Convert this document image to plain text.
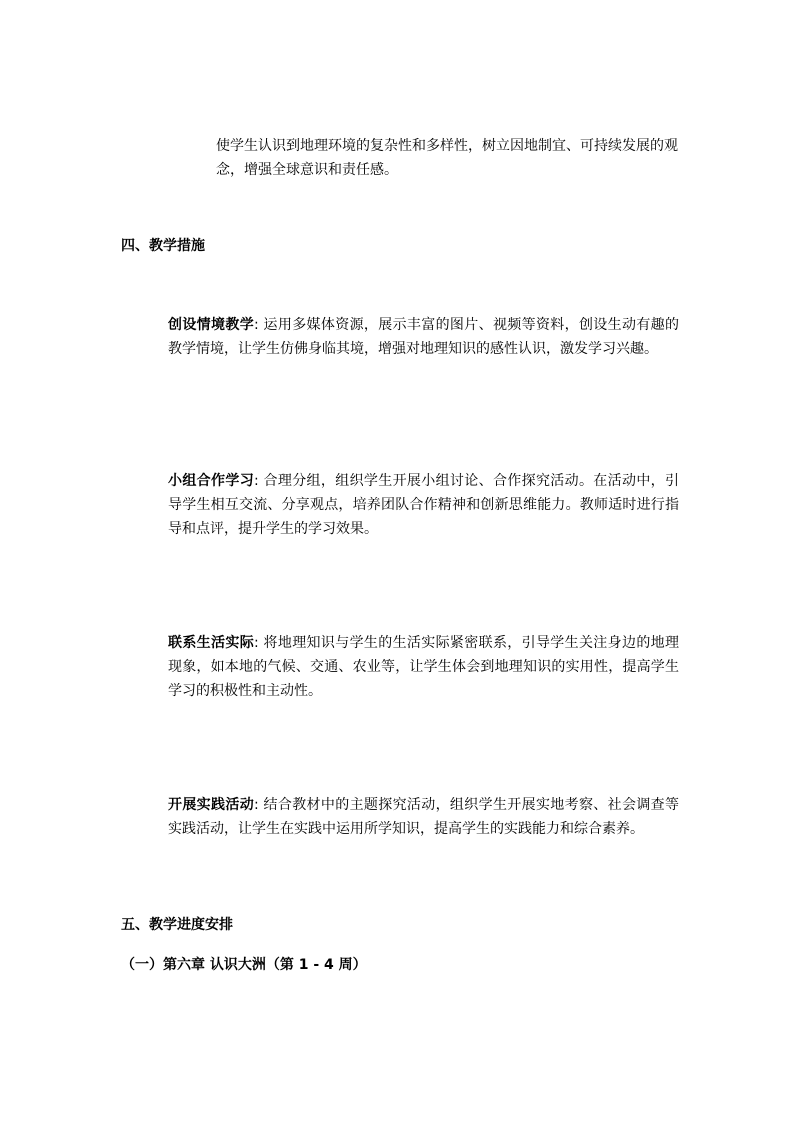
使学生认识到地理环境的复杂性和多样性，树立因地制宜、可持续发展的观念，增强全球意识和责任感。

四、教学措施

创设情境教学: 运用多媒体资源，展示丰富的图片、视频等资料，创设生动有趣的教学情境，让学生仿佛身临其境，增强对地理知识的感性认识，激发学习兴趣。

小组合作学习: 合理分组，组织学生开展小组讨论、合作探究活动。在活动中，引导学生相互交流、分享观点，培养团队合作精神和创新思维能力。教师适时进行指导和点评，提升学生的学习效果。

联系生活实际: 将地理知识与学生的生活实际紧密联系，引导学生关注身边的地理现象，如本地的气候、交通、农业等，让学生体会到地理知识的实用性，提高学生学习的积极性和主动性。

开展实践活动: 结合教材中的主题探究活动，组织学生开展实地考察、社会调查等实践活动，让学生在实践中运用所学知识，提高学生的实践能力和综合素养。

五、教学进度安排
（一）第六章 认识大洲（第 1 - 4 周）
